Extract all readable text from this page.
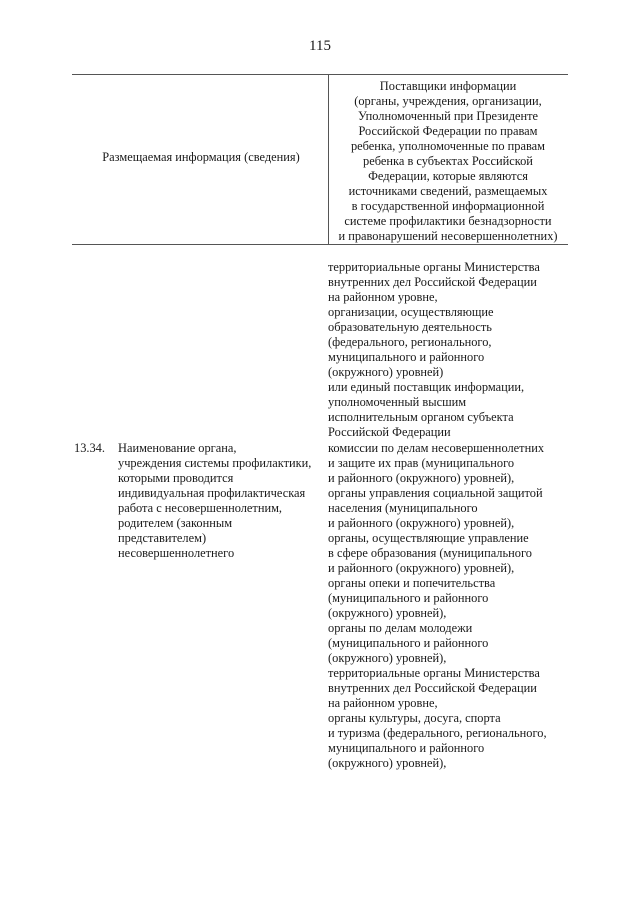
115
Размещаемая информация (сведения)
Поставщики информации
(органы, учреждения, организации,
Уполномоченный при Президенте
Российской Федерации по правам
ребенка, уполномоченные по правам
ребенка в субъектах Российской
Федерации, которые являются
источниками сведений, размещаемых
в государственной информационной
системе профилактики безнадзорности
и правонарушений несовершеннолетних)
территориальные органы Министерства
внутренних дел Российской Федерации
на районном уровне,
организации, осуществляющие
образовательную деятельность
(федерального, регионального,
муниципального и районного
(окружного) уровней)
или единый поставщик информации,
уполномоченный высшим
исполнительным органом субъекта
Российской Федерации
13.34. Наименование органа,
учреждения системы профилактики,
которыми проводится
индивидуальная профилактическая
работа с несовершеннолетним,
родителем (законным
представителем)
несовершеннолетнего
комиссии по делам несовершеннолетних
и защите их прав (муниципального
и районного (окружного) уровней),
органы управления социальной защитой
населения (муниципального
и районного (окружного) уровней),
органы, осуществляющие управление
в сфере образования (муниципального
и районного (окружного) уровней),
органы опеки и попечительства
(муниципального и районного
(окружного) уровней),
органы по делам молодежи
(муниципального и районного
(окружного) уровней),
территориальные органы Министерства
внутренних дел Российской Федерации
на районном уровне,
органы культуры, досуга, спорта
и туризма (федерального, регионального,
муниципального и районного
(окружного) уровней),
